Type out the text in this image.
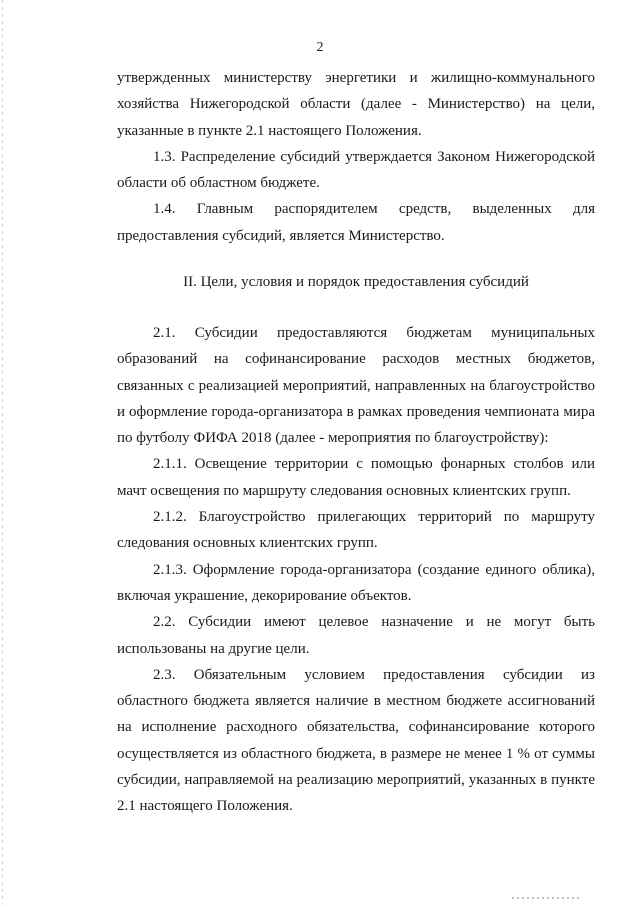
2

утвержденных министерству энергетики и жилищно-коммунального хозяйства Нижегородской области (далее - Министерство) на цели, указанные в пункте 2.1 настоящего Положения.

1.3. Распределение субсидий утверждается Законом Нижегородской области об областном бюджете.

1.4. Главным распорядителем средств, выделенных для предоставления субсидий, является Министерство.

II. Цели, условия и порядок предоставления субсидий

2.1. Субсидии предоставляются бюджетам муниципальных образований на софинансирование расходов местных бюджетов, связанных с реализацией мероприятий, направленных на благоустройство и оформление города-организатора в рамках проведения чемпионата мира по футболу ФИФА 2018 (далее - мероприятия по благоустройству):

2.1.1. Освещение территории с помощью фонарных столбов или мачт освещения по маршруту следования основных клиентских групп.

2.1.2. Благоустройство прилегающих территорий по маршруту следования основных клиентских групп.

2.1.3. Оформление города-организатора (создание единого облика), включая украшение, декорирование объектов.

2.2. Субсидии имеют целевое назначение и не могут быть использованы на другие цели.

2.3. Обязательным условием предоставления субсидии из областного бюджета является наличие в местном бюджете ассигнований на исполнение расходного обязательства, софинансирование которого осуществляется из областного бюджета, в размере не менее 1 % от суммы субсидии, направляемой на реализацию мероприятий, указанных в пункте 2.1 настоящего Положения.
